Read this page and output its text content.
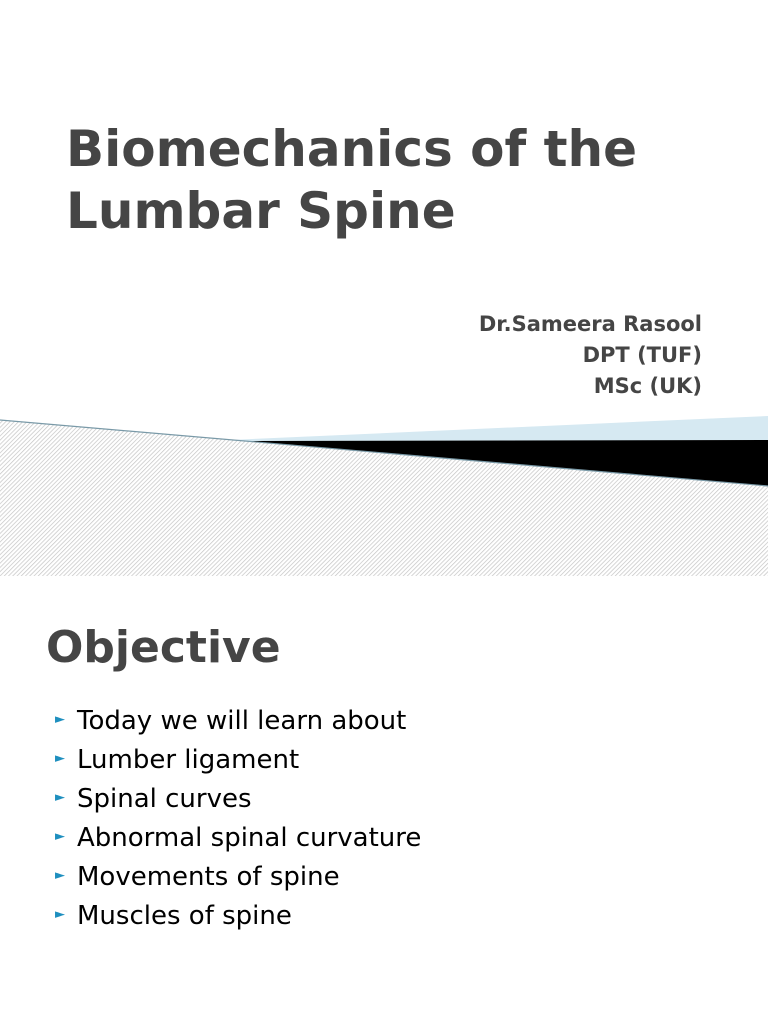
Biomechanics of the
Lumbar Spine
Dr.Sameera Rasool
DPT (TUF)
MSc (UK)
Objective
► Today we will learn about
► Lumber ligament
► Spinal curves
► Abnormal spinal curvature
► Movements of spine
► Muscles of spine
